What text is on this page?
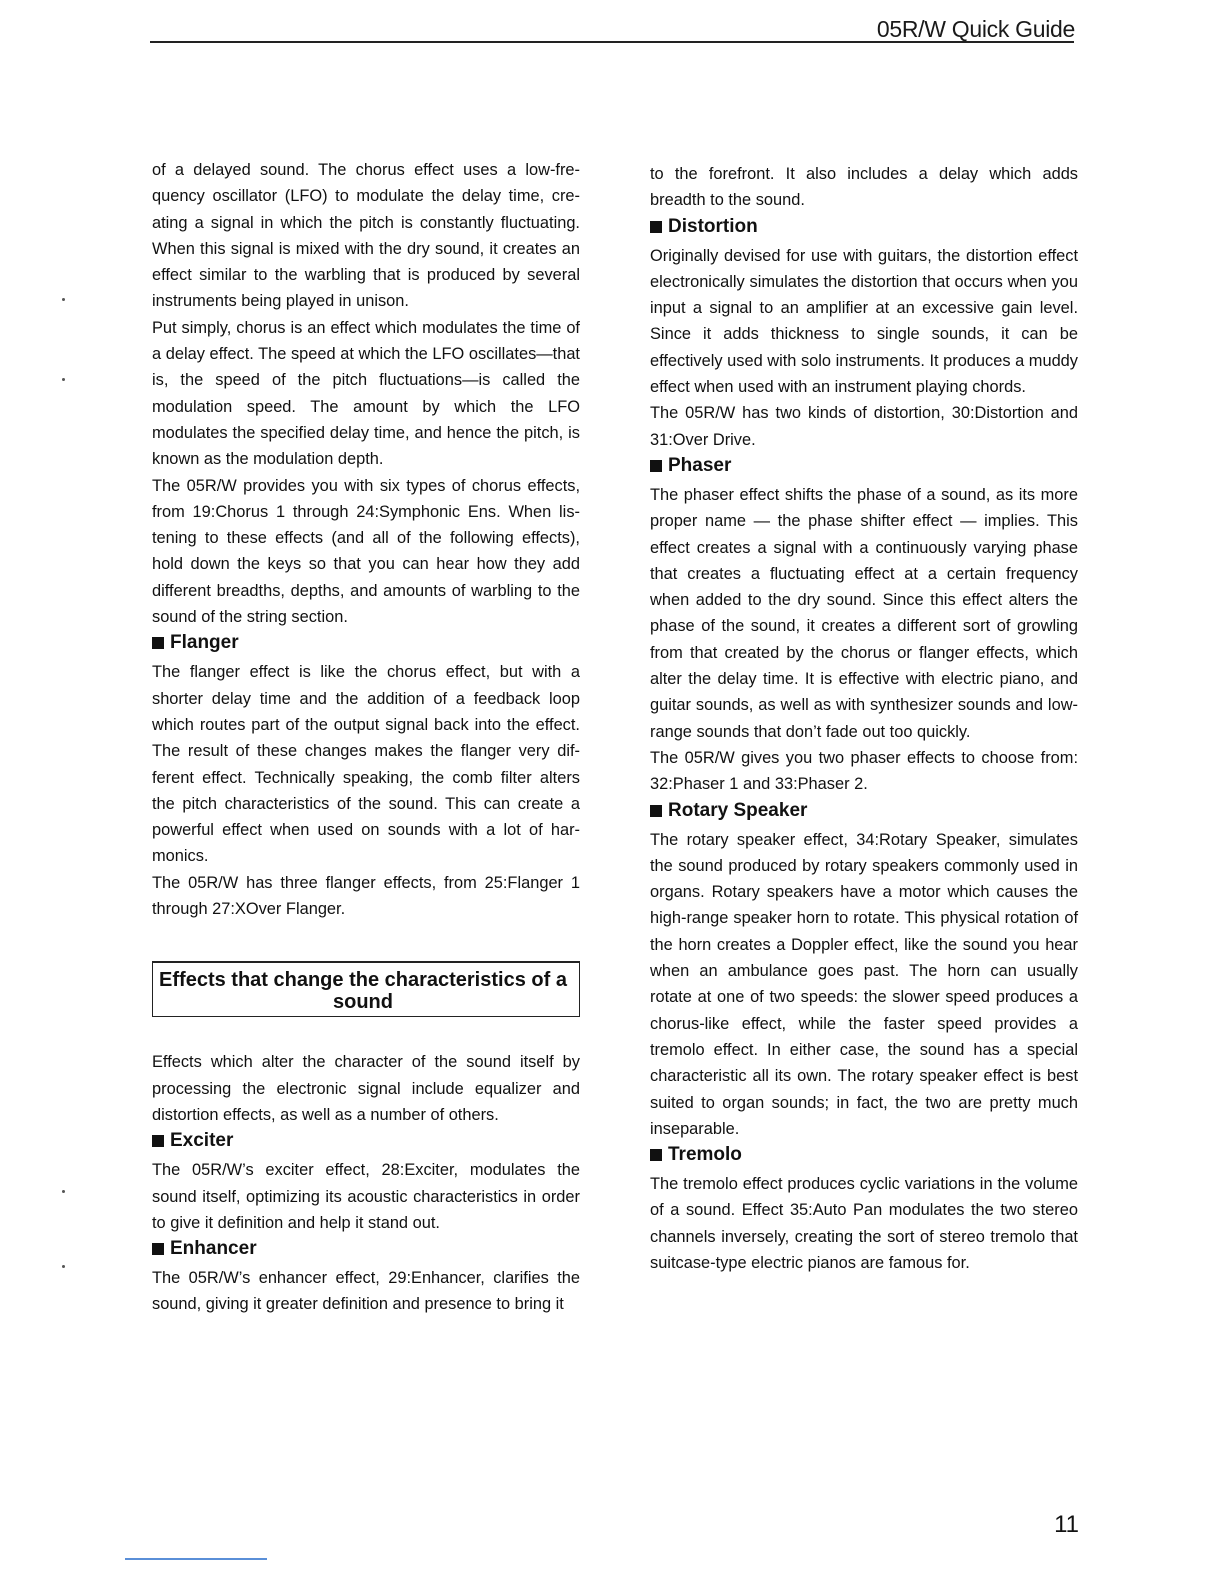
05R/W Quick Guide

of a delayed sound. The chorus effect uses a low-frequency oscillator (LFO) to modulate the delay time, creating a signal in which the pitch is constantly fluctuating. When this signal is mixed with the dry sound, it creates an effect similar to the warbling that is produced by several instruments being played in unison.

Put simply, chorus is an effect which modulates the time of a delay effect. The speed at which the LFO oscillates—that is, the speed of the pitch fluctuations—is called the modulation speed. The amount by which the LFO modulates the specified delay time, and hence the pitch, is known as the modulation depth.

The 05R/W provides you with six types of chorus effects, from 19:Chorus 1 through 24:Symphonic Ens. When listening to these effects (and all of the following effects), hold down the keys so that you can hear how they add different breadths, depths, and amounts of warbling to the sound of the string section.

Flanger

The flanger effect is like the chorus effect, but with a shorter delay time and the addition of a feedback loop which routes part of the output signal back into the effect. The result of these changes makes the flanger very different effect. Technically speaking, the comb filter alters the pitch characteristics of the sound. This can create a powerful effect when used on sounds with a lot of harmonics.

The 05R/W has three flanger effects, from 25:Flanger 1 through 27:XOver Flanger.

Effects that change the characteristics of a sound

Effects which alter the character of the sound itself by processing the electronic signal include equalizer and distortion effects, as well as a number of others.

Exciter

The 05R/W’s exciter effect, 28:Exciter, modulates the sound itself, optimizing its acoustic characteristics in order to give it definition and help it stand out.

Enhancer

The 05R/W’s enhancer effect, 29:Enhancer, clarifies the sound, giving it greater definition and presence to bring it

to the forefront. It also includes a delay which adds breadth to the sound.

Distortion

Originally devised for use with guitars, the distortion effect electronically simulates the distortion that occurs when you input a signal to an amplifier at an excessive gain level. Since it adds thickness to single sounds, it can be effectively used with solo instruments. It produces a muddy effect when used with an instrument playing chords.

The 05R/W has two kinds of distortion, 30:Distortion and 31:Over Drive.

Phaser

The phaser effect shifts the phase of a sound, as its more proper name — the phase shifter effect — implies. This effect creates a signal with a continuously varying phase that creates a fluctuating effect at a certain frequency when added to the dry sound. Since this effect alters the phase of the sound, it creates a different sort of growling from that created by the chorus or flanger effects, which alter the delay time. It is effective with electric piano, and guitar sounds, as well as with synthesizer sounds and low-range sounds that don’t fade out too quickly.

The 05R/W gives you two phaser effects to choose from: 32:Phaser 1 and 33:Phaser 2.

Rotary Speaker

The rotary speaker effect, 34:Rotary Speaker, simulates the sound produced by rotary speakers commonly used in organs. Rotary speakers have a motor which causes the high-range speaker horn to rotate. This physical rotation of the horn creates a Doppler effect, like the sound you hear when an ambulance goes past. The horn can usually rotate at one of two speeds: the slower speed produces a chorus-like effect, while the faster speed provides a tremolo effect. In either case, the sound has a special characteristic all its own. The rotary speaker effect is best suited to organ sounds; in fact, the two are pretty much inseparable.

Tremolo

The tremolo effect produces cyclic variations in the volume of a sound. Effect 35:Auto Pan modulates the two stereo channels inversely, creating the sort of stereo tremolo that suitcase-type electric pianos are famous for.

11
